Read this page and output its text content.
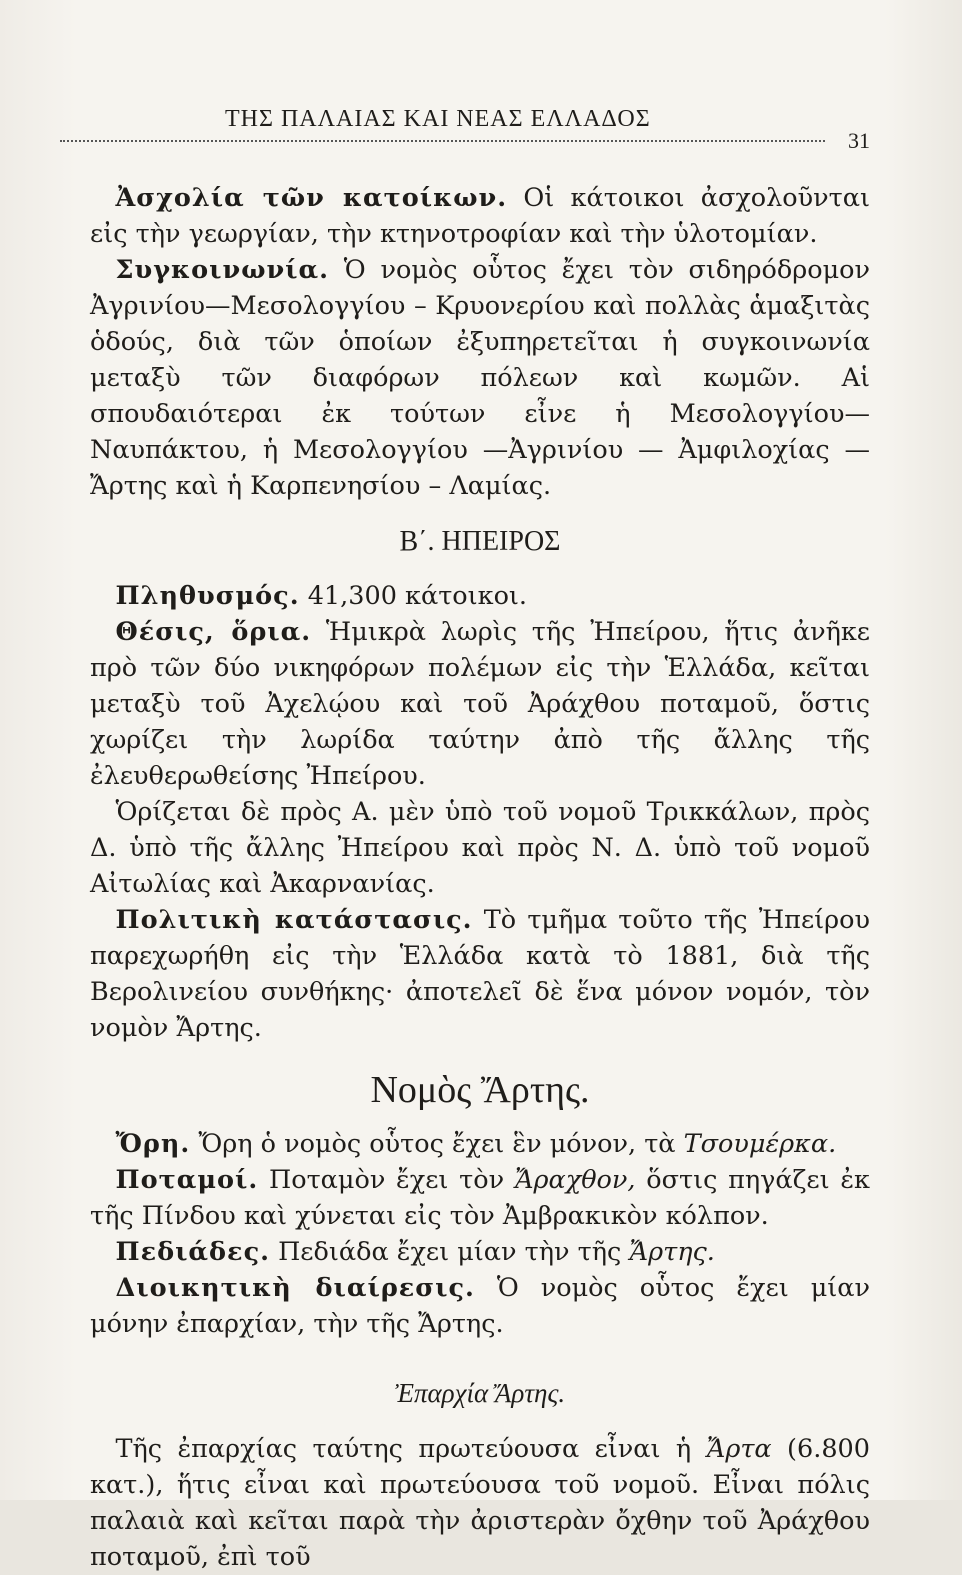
ΤΗΣ ΠΑΛΑΙΑΣ ΚΑΙ ΝΕΑΣ ΕΛΛΑΔΟΣ
31

 Ἀσχολία τῶν κατοίκων. Οἱ κάτοικοι ἀσχολοῦνται εἰς τὴν γεωργίαν, τὴν κτηνοτροφίαν καὶ τὴν ὑλοτομίαν.

 Συγκοινωνία. Ὁ νομὸς οὗτος ἔχει τὸν σιδηρόδρομον Ἀγρινίου—Μεσολογγίου – Κρυονερίου καὶ πολλὰς ἁμαξιτὰς ὁδούς, διὰ τῶν ὁποίων ἐξυπηρετεῖται ἡ συγκοινωνία μεταξὺ τῶν διαφόρων πόλεων καὶ κωμῶν. Αἱ σπουδαιότεραι ἐκ τούτων εἶνε ἡ Μεσολογγίου—Ναυπάκτου, ἡ Μεσολογγίου —Ἀγρινίου — Ἀμφιλοχίας — Ἄρτης καὶ ἡ Καρπενησίου – Λαμίας.

Β΄. ΗΠΕΙΡΟΣ

 Πληθυσμός. 41,300 κάτοικοι.

 Θέσις, ὅρια. Ἡμικρὰ λωρὶς τῆς Ἠπείρου, ἥτις ἀνῆκε πρὸ τῶν δύο νικηφόρων πολέμων εἰς τὴν Ἑλλάδα, κεῖται μεταξὺ τοῦ Ἀχελῴου καὶ τοῦ Ἀράχθου ποταμοῦ, ὅστις χωρίζει τὴν λωρίδα ταύτην ἀπὸ τῆς ἄλλης τῆς ἐλευθερωθείσης Ἠπείρου.

 Ὁρίζεται δὲ πρὸς Α. μὲν ὑπὸ τοῦ νομοῦ Τρικκάλων, πρὸς Δ. ὑπὸ τῆς ἄλλης Ἠπείρου καὶ πρὸς Ν. Δ. ὑπὸ τοῦ νομοῦ Αἰτωλίας καὶ Ἀκαρνανίας.

 Πολιτικὴ κατάστασις. Τὸ τμῆμα τοῦτο τῆς Ἠπείρου παρεχωρήθη εἰς τὴν Ἑλλάδα κατὰ τὸ 1881, διὰ τῆς Βερολινείου συνθήκης· ἀποτελεῖ δὲ ἕνα μόνον νομόν, τὸν νομὸν Ἄρτης.

Νομὸς Ἄρτης.

 Ὄρη. Ὄρη ὁ νομὸς οὗτος ἔχει ἓν μόνον, τὰ Τσουμέρκα.

 Ποταμοί. Ποταμὸν ἔχει τὸν Ἄραχθον, ὅστις πηγάζει ἐκ τῆς Πίνδου καὶ χύνεται εἰς τὸν Ἀμβρακικὸν κόλπον.

 Πεδιάδες. Πεδιάδα ἔχει μίαν τὴν τῆς Ἄρτης.

 Διοικητικὴ διαίρεσις. Ὁ νομὸς οὗτος ἔχει μίαν μόνην ἐπαρχίαν, τὴν τῆς Ἄρτης.

Ἐπαρχία Ἄρτης.

 Τῆς ἐπαρχίας ταύτης πρωτεύουσα εἶναι ἡ Ἄρτα (6.800 κατ.), ἥτις εἶναι καὶ πρωτεύουσα τοῦ νομοῦ. Εἶναι πόλις παλαιὰ καὶ κεῖται παρὰ τὴν ἀριστερὰν ὄχθην τοῦ Ἀράχθου ποταμοῦ, ἐπὶ τοῦ
